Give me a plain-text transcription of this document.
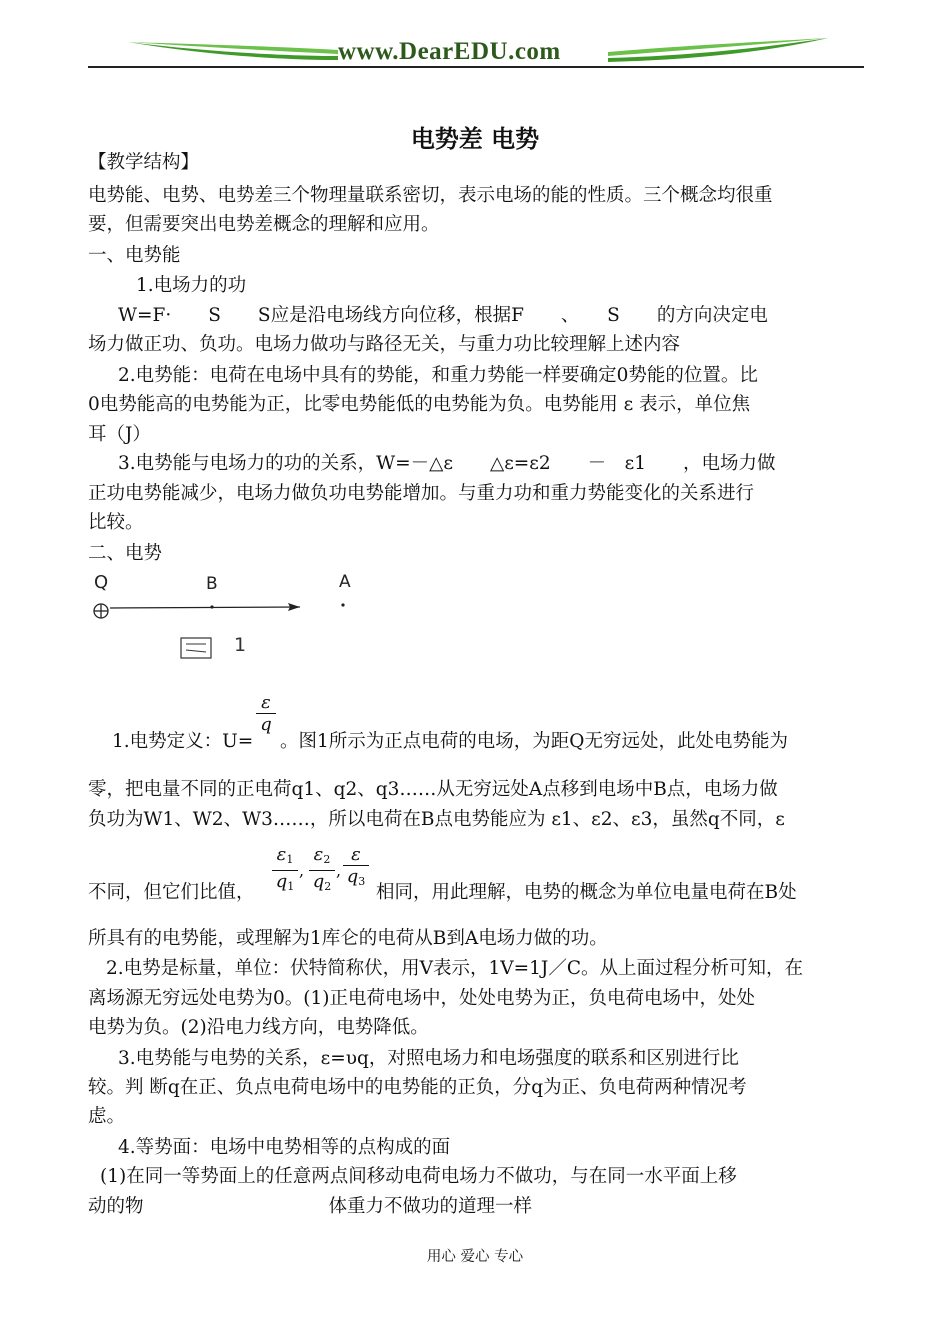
www.DearEDU.com
电势差 电势
【教学结构】
电势能、电势、电势差三个物理量联系密切，表示电场的能的性质。三个概念均很重
要，但需要突出电势差概念的理解和应用。
一、电势能
1.电场力的功
W=F·　　S　　S应是沿电场线方向位移，根据F　　、　　S　　的方向决定电
场力做正功、负功。电场力做功与路径无关，与重力功比较理解上述内容
2.电势能：电荷在电场中具有的势能，和重力势能一样要确定0势能的位置。比
0电势能高的电势能为正，比零电势能低的电势能为负。电势能用 ε 表示，单位焦
耳（J）
3.电势能与电场力的功的关系，W=－△ε　　△ε=ε2　　－　ε1　　，电场力做
正功电势能减少，电场力做负功电势能增加。与重力功和重力势能变化的关系进行
比较。
二、电势
Q	B	A
1
1.电势定义：U=
ε
q
。图1所示为正点电荷的电场，为距Q无穷远处，此处电势能为
零，把电量不同的正电荷q1、q2、q3……从无穷远处A点移到电场中B点，电场力做
负功为W1、W2、W3……，所以电荷在B点电势能应为 ε1、ε2、ε3，虽然q不同，ε
不同，但它们比值，
$\varepsilon_1$
$q_1$
,
$\varepsilon_2$
$q_2$
,
ε
$q_3$
相同，用此理解，电势的概念为单位电量电荷在B处
所具有的电势能，或理解为1库仑的电荷从B到A电场力做的功。
2.电势是标量，单位：伏特简称伏，用V表示，1V=1J／C。从上面过程分析可知，在
离场源无穷远处电势为0。(1)正电荷电场中，处处电势为正，负电荷电场中，处处
电势为负。(2)沿电力线方向，电势降低。
3.电势能与电势的关系，ε=υq，对照电场力和电场强度的联系和区别进行比
较。判 断q在正、负点电荷电场中的电势能的正负，分q为正、负电荷两种情况考
虑。
4.等势面：电场中电势相等的点构成的面
(1)在同一等势面上的任意两点间移动电荷电场力不做功，与在同一水平面上移
动的物　　　　　　　　　　体重力不做功的道理一样
用心 爱心 专心
